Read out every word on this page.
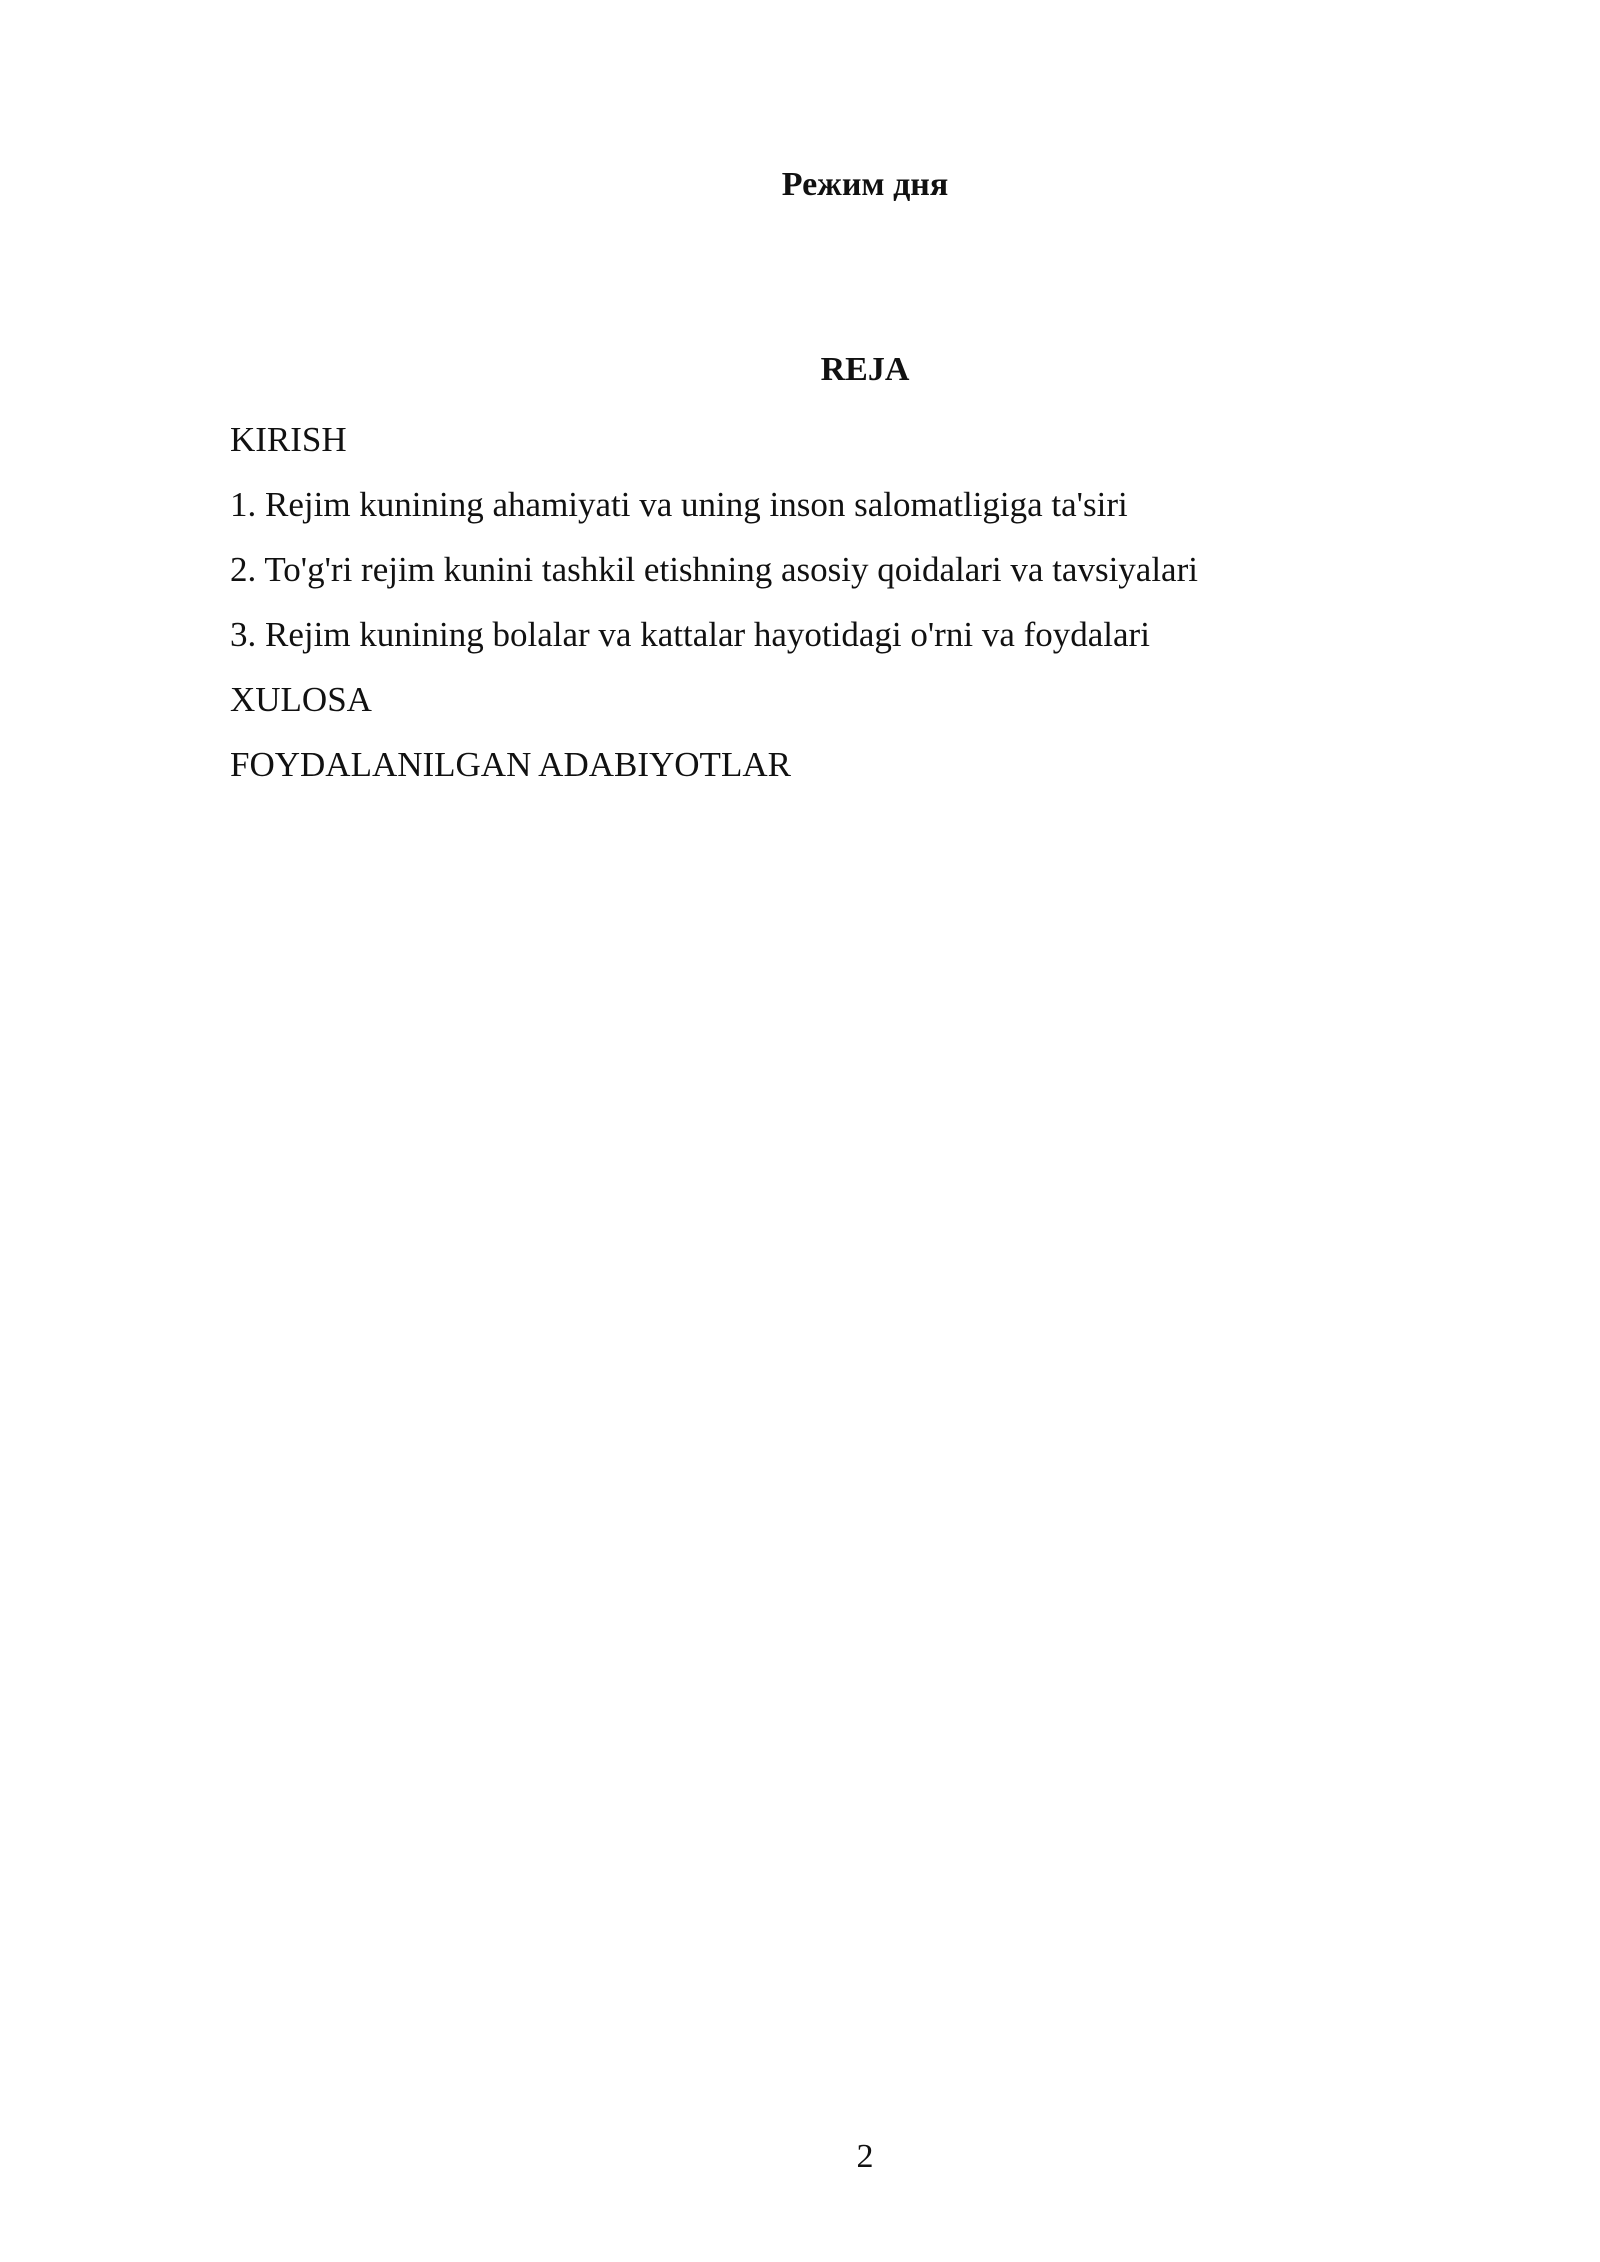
Режим дня
REJA
KIRISH
1. Rejim kunining ahamiyati va uning inson salomatligiga ta'siri
2. To'g'ri rejim kunini tashkil etishning asosiy qoidalari va tavsiyalari
3. Rejim kunining bolalar va kattalar hayotidagi o'rni va foydalari
XULOSA
FOYDALANILGAN ADABIYOTLAR
2
